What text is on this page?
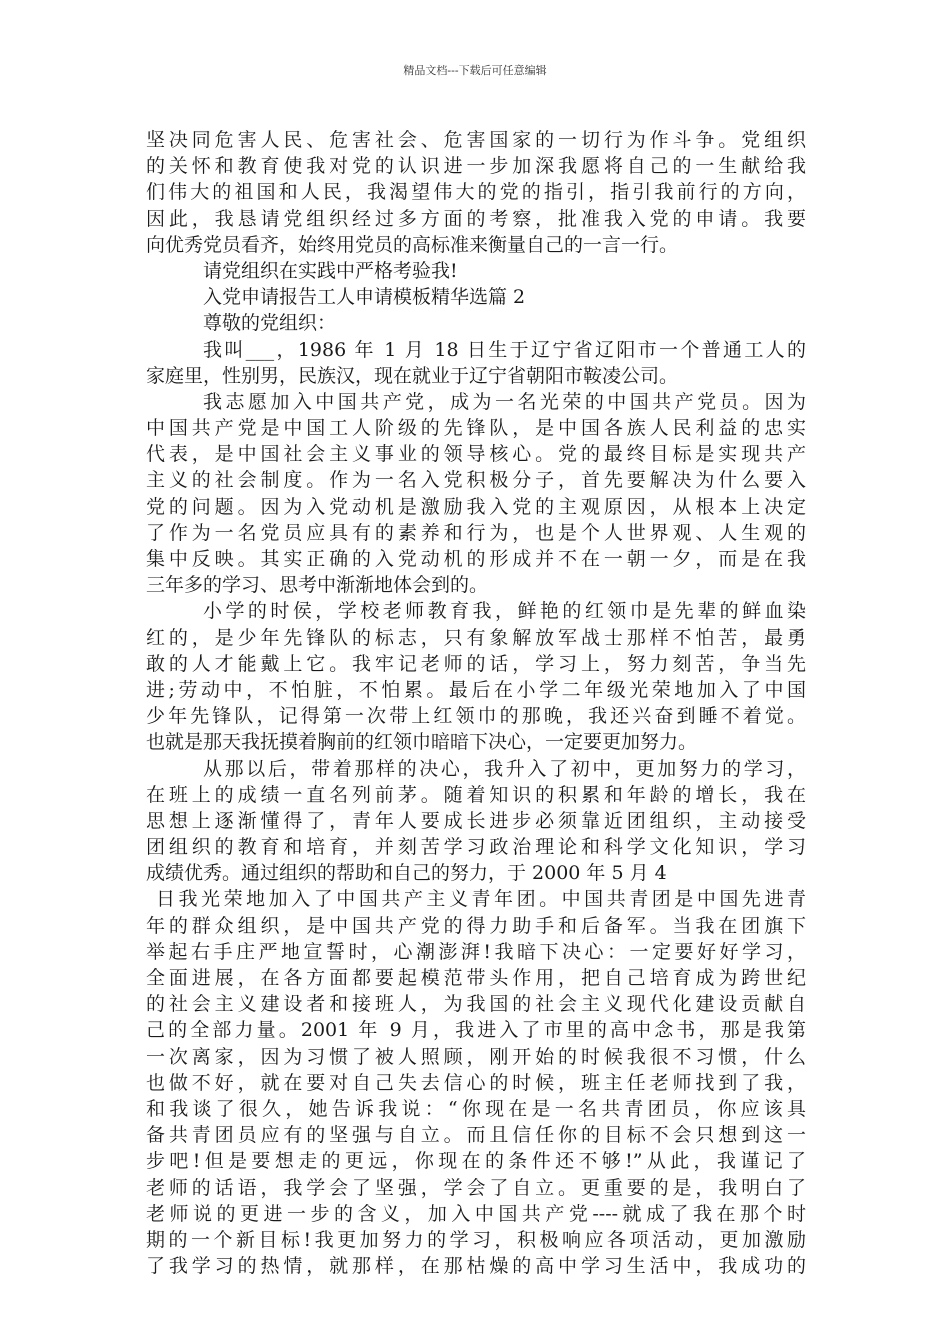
精品文档---下载后可任意编辑
坚决同危害人民、危害社会、危害国家的一切行为作斗争。党组织
的关怀和教育使我对党的认识进一步加深我愿将自己的一生献给我
们伟大的祖国和人民，我渴望伟大的党的指引，指引我前行的方向，
因此，我恳请党组织经过多方面的考察，批准我入党的申请。我要
向优秀党员看齐，始终用党员的高标准来衡量自己的一言一行。
请党组织在实践中严格考验我!
入党申请报告工人申请模板精华选篇 2
尊敬的党组织：
我叫___，1986 年 1 月 18 日生于辽宁省辽阳市一个普通工人的
家庭里，性别男，民族汉，现在就业于辽宁省朝阳市鞍凌公司。
我志愿加入中国共产党，成为一名光荣的中国共产党员。因为
中国共产党是中国工人阶级的先锋队，是中国各族人民利益的忠实
代表，是中国社会主义事业的领导核心。党的最终目标是实现共产
主义的社会制度。作为一名入党积极分子，首先要解决为什么要入
党的问题。因为入党动机是激励我入党的主观原因，从根本上决定
了作为一名党员应具有的素养和行为，也是个人世界观、人生观的
集中反映。其实正确的入党动机的形成并不在一朝一夕，而是在我
三年多的学习、思考中渐渐地体会到的。
小学的时侯，学校老师教育我，鲜艳的红领巾是先辈的鲜血染
红的，是少年先锋队的标志，只有象解放军战士那样不怕苦，最勇
敢的人才能戴上它。我牢记老师的话，学习上，努力刻苦，争当先
进;劳动中，不怕脏，不怕累。最后在小学二年级光荣地加入了中国
少年先锋队，记得第一次带上红领巾的那晚，我还兴奋到睡不着觉。
也就是那天我抚摸着胸前的红领巾暗暗下决心，一定要更加努力。
从那以后，带着那样的决心，我升入了初中，更加努力的学习，
在班上的成绩一直名列前茅。随着知识的积累和年龄的增长，我在
思想上逐渐懂得了，青年人要成长进步必须靠近团组织，主动接受
团组织的教育和培育，并刻苦学习政治理论和科学文化知识，学习
成绩优秀。通过组织的帮助和自己的努力，于 2000 年 5 月 4
日我光荣地加入了中国共产主义青年团。中国共青团是中国先进青
年的群众组织，是中国共产党的得力助手和后备军。当我在团旗下
举起右手庄严地宣誓时，心潮澎湃!我暗下决心：一定要好好学习，
全面进展，在各方面都要起模范带头作用，把自己培育成为跨世纪
的社会主义建设者和接班人，为我国的社会主义现代化建设贡献自
己的全部力量。2001 年 9 月，我进入了市里的高中念书，那是我第
一次离家，因为习惯了被人照顾，刚开始的时候我很不习惯，什么
也做不好，就在要对自己失去信心的时候，班主任老师找到了我，
和我谈了很久，她告诉我说：“你现在是一名共青团员，你应该具
备共青团员应有的坚强与自立。而且信任你的目标不会只想到这一
步吧!但是要想走的更远，你现在的条件还不够!”从此，我谨记了
老师的话语，我学会了坚强，学会了自立。更重要的是，我明白了
老师说的更进一步的含义，加入中国共产党----就成了我在那个时
期的一个新目标!我更加努力的学习，积极响应各项活动，更加激励
了我学习的热情，就那样，在那枯燥的高中学习生活中，我成功的
